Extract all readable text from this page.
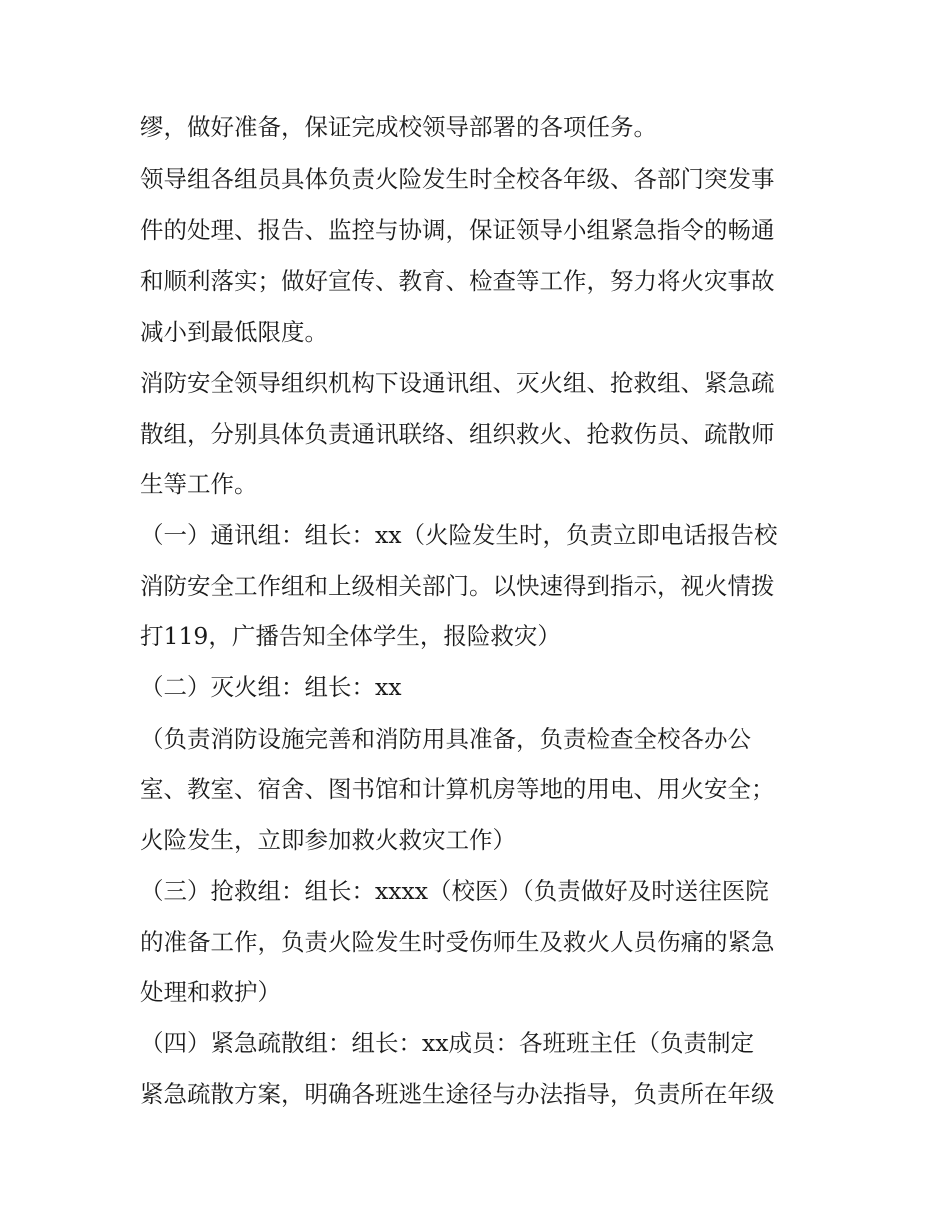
缪，做好准备，保证完成校领导部署的各项任务。
领导组各组员具体负责火险发生时全校各年级、各部门突发事
件的处理、报告、监控与协调，保证领导小组紧急指令的畅通
和顺利落实；做好宣传、教育、检查等工作，努力将火灾事故
减小到最低限度。
消防安全领导组织机构下设通讯组、灭火组、抢救组、紧急疏
散组，分别具体负责通讯联络、组织救火、抢救伤员、疏散师
生等工作。
（一）通讯组：组长：xx（火险发生时，负责立即电话报告校
消防安全工作组和上级相关部门。以快速得到指示，视火情拨
打119，广播告知全体学生，报险救灾）
（二）灭火组：组长：xx
（负责消防设施完善和消防用具准备，负责检查全校各办公
室、教室、宿舍、图书馆和计算机房等地的用电、用火安全；
火险发生，立即参加救火救灾工作）
（三）抢救组：组长：xxxx（校医）（负责做好及时送往医院
的准备工作，负责火险发生时受伤师生及救火人员伤痛的紧急
处理和救护）
（四）紧急疏散组：组长：xx成员：各班班主任（负责制定
紧急疏散方案，明确各班逃生途径与办法指导，负责所在年级
